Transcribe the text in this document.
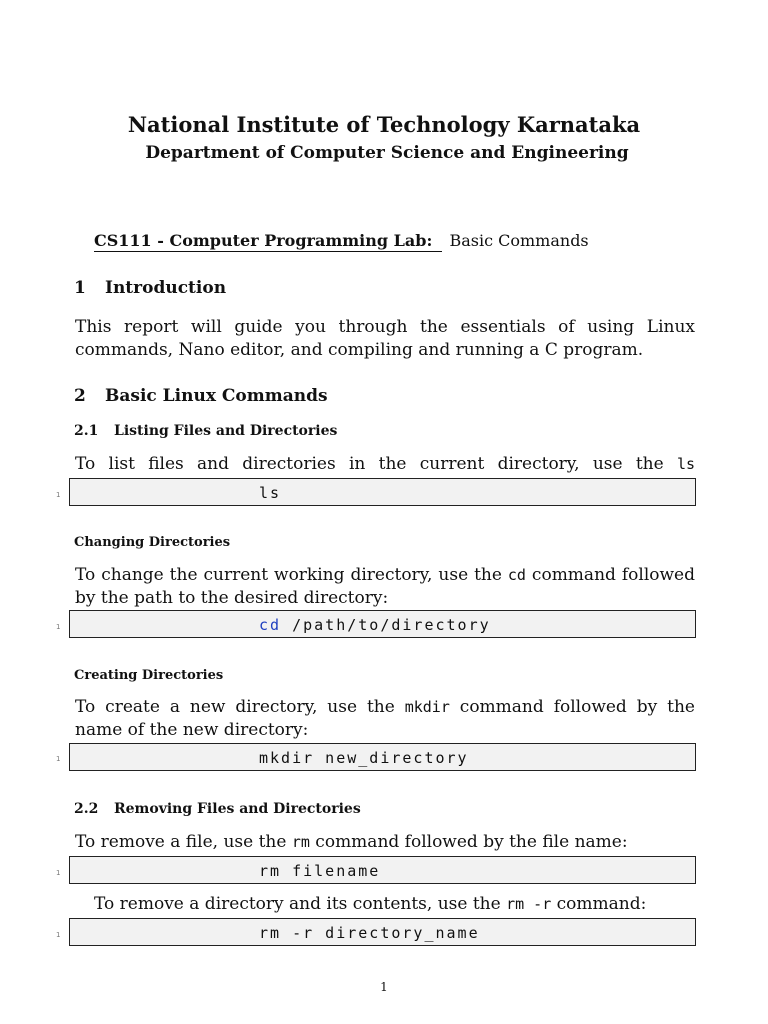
National Institute of Technology Karnataka
Department of Computer Science and Engineering
CS111 - Computer Programming Lab: Basic Commands
1 Introduction
This report will guide you through the essentials of using Linux commands, Nano editor, and compiling and running a C program.
2 Basic Linux Commands
2.1 Listing Files and Directories
To list files and directories in the current directory, use the ls
1	ls
Changing Directories
To change the current working directory, use the cd command followed by the path to the desired directory:
1	cd /path/to/directory
Creating Directories
To create a new directory, use the mkdir command followed by the name of the new directory:
1	mkdir new_directory
2.2 Removing Files and Directories
To remove a file, use the rm command followed by the file name:
1	rm filename
To remove a directory and its contents, use the rm -r command:
1	rm -r directory_name
1
